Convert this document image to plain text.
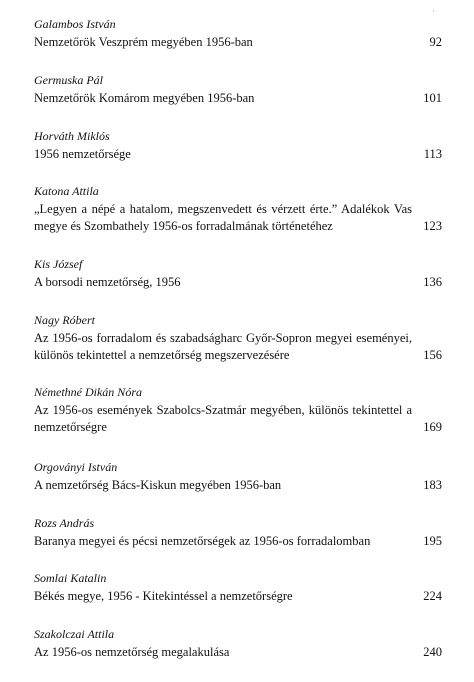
·
Galambos István
Nemzetőrök Veszprém megyében 1956-ban	92
Germuska Pál
Nemzetőrök Komárom megyében 1956-ban	101
Horváth Miklós
1956 nemzetőrsége	113
Katona Attila
„Legyen a népé a hatalom, megszenvedett és vérzett érte.” Adalékok Vas megye és Szombathely 1956-os forradalmának történetéhez	123
Kis József
A borsodi nemzetőrség, 1956	136
Nagy Róbert
Az 1956-os forradalom és szabadságharc Győr-Sopron megyei eseményei, különös tekintettel a nemzetőrség megszervezésére	156
Némethné Dikán Nóra
Az 1956-os események Szabolcs-Szatmár megyében, különös tekintettel a nemzetőrségre	169
Orgoványi István
A nemzetőrség Bács-Kiskun megyében 1956-ban	183
Rozs András
Baranya megyei és pécsi nemzetőrségek az 1956-os forradalomban	195
Somlai Katalin
Békés megye, 1956 - Kitekintéssel a nemzetőrségre	224
Szakolczai Attila
Az 1956-os nemzetőrség megalakulása	240
